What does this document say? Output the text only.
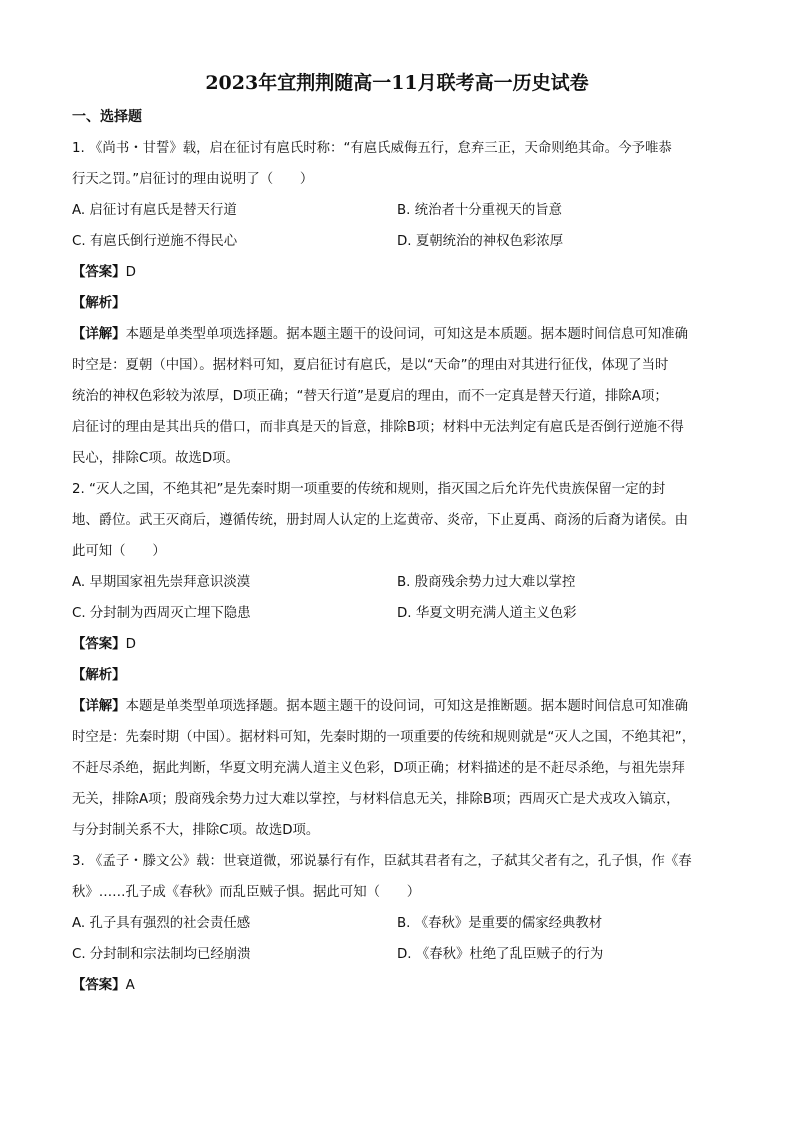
2023年宜荆荆随高一11月联考高一历史试卷
一、选择题
1. 《尚书・甘誓》载，启在征讨有扈氏时称：“有扈氏威侮五行，怠弃三正，天命则绝其命。今予唯恭
行天之罚。”启征讨的理由说明了（　　）
A. 启征讨有扈氏是替天行道	B. 统治者十分重视天的旨意
C. 有扈氏倒行逆施不得民心	D. 夏朝统治的神权色彩浓厚
【答案】D
【解析】
【详解】本题是单类型单项选择题。据本题主题干的设问词，可知这是本质题。据本题时间信息可知准确
时空是：夏朝（中国）。据材料可知，夏启征讨有扈氏，是以“天命”的理由对其进行征伐，体现了当时
统治的神权色彩较为浓厚，D项正确；“替天行道”是夏启的理由，而不一定真是替天行道，排除A项；
启征讨的理由是其出兵的借口，而非真是天的旨意，排除B项；材料中无法判定有扈氏是否倒行逆施不得
民心，排除C项。故选D项。
2. “灭人之国，不绝其祀”是先秦时期一项重要的传统和规则，指灭国之后允许先代贵族保留一定的封
地、爵位。武王灭商后，遵循传统，册封周人认定的上迄黄帝、炎帝，下止夏禹、商汤的后裔为诸侯。由
此可知（　　）
A. 早期国家祖先崇拜意识淡漠	B. 殷商残余势力过大难以掌控
C. 分封制为西周灭亡埋下隐患	D. 华夏文明充满人道主义色彩
【答案】D
【解析】
【详解】本题是单类型单项选择题。据本题主题干的设问词，可知这是推断题。据本题时间信息可知准确
时空是：先秦时期（中国）。据材料可知，先秦时期的一项重要的传统和规则就是“灭人之国，不绝其祀”，
不赶尽杀绝，据此判断，华夏文明充满人道主义色彩，D项正确；材料描述的是不赶尽杀绝，与祖先崇拜
无关，排除A项；殷商残余势力过大难以掌控，与材料信息无关，排除B项；西周灭亡是犬戎攻入镐京，
与分封制关系不大，排除C项。故选D项。
3. 《孟子・滕文公》载：世衰道微，邪说暴行有作，臣弑其君者有之，子弑其父者有之，孔子惧，作《春
秋》……孔子成《春秋》而乱臣贼子惧。据此可知（　　）
A. 孔子具有强烈的社会责任感	B. 《春秋》是重要的儒家经典教材
C. 分封制和宗法制均已经崩溃	D. 《春秋》杜绝了乱臣贼子的行为
【答案】A
